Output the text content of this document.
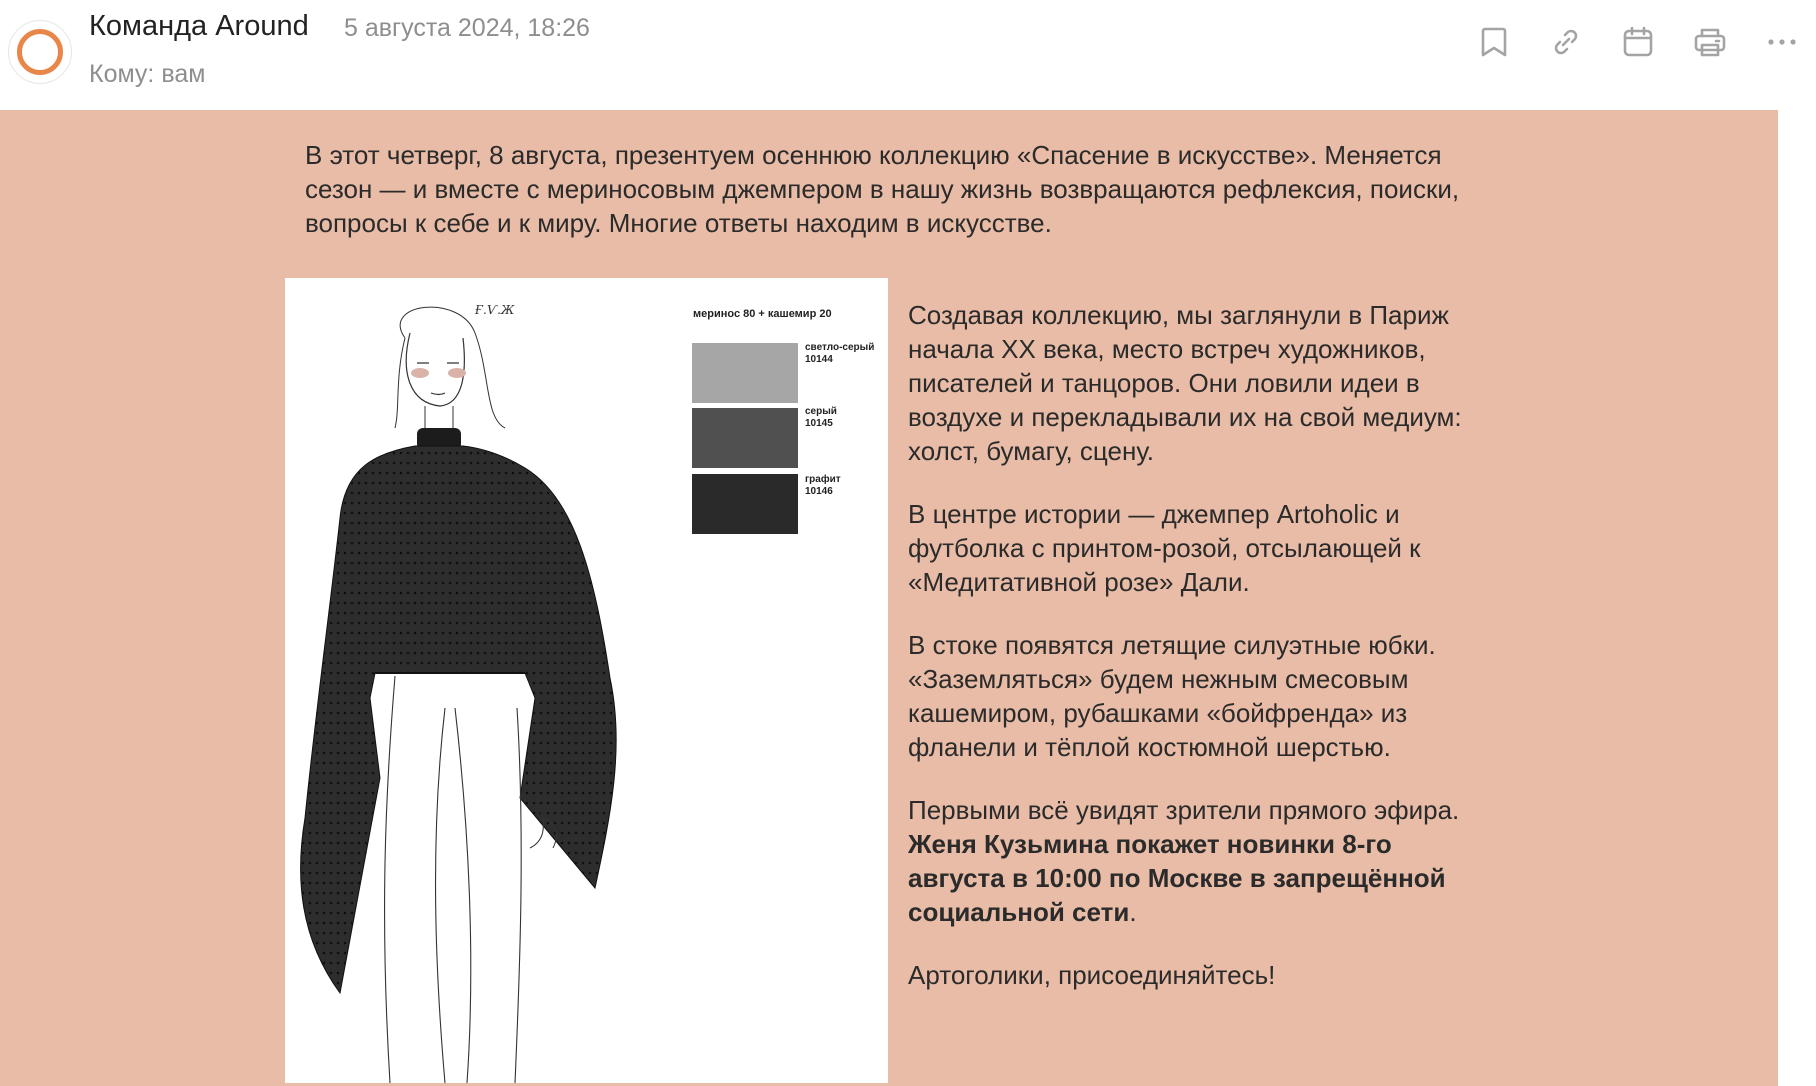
Команда Around 5 августа 2024, 18:26
Кому: вам
В этот четверг, 8 августа, презентуем осеннюю коллекцию «Спасение в искусстве». Меняется сезон — и вместе с мериносовым джемпером в нашу жизнь возвращаются рефлексия, поиски, вопросы к себе и к миру. Многие ответы находим в искусстве.
Ғ.Ѵ.Ж	меринос 80 + кашемир 20
светло-серый
10144
серый
10145
графит
10146

Создавая коллекцию, мы заглянули в Париж начала XX века, место встреч художников, писателей и танцоров. Они ловили идеи в воздухе и перекладывали их на свой медиум: холст, бумагу, сцену.

В центре истории — джемпер Artoholic и футболка с принтом-розой, отсылающей к «Медитативной розе» Дали.

В стоке появятся летящие силуэтные юбки. «Заземляться» будем нежным смесовым кашемиром, рубашками «бойфренда» из фланели и тёплой костюмной шерстью.

Первыми всё увидят зрители прямого эфира. Женя Кузьмина покажет новинки 8-го августа в 10:00 по Москве в запрещённой социальной сети.

Артоголики, присоединяйтесь!
